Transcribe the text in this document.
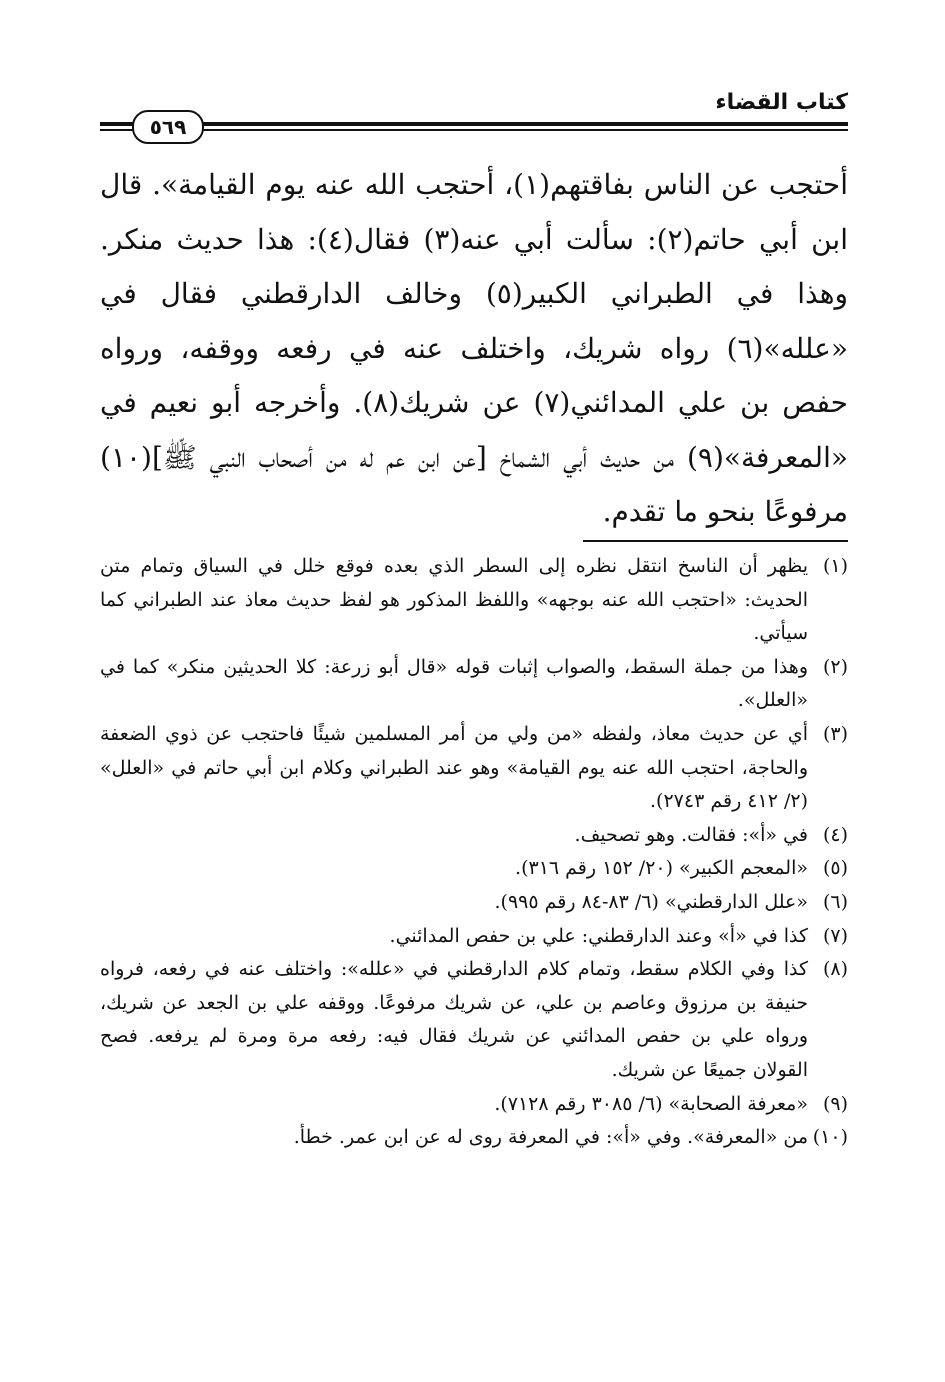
كتاب القضاء
٥٦٩

أحتجب عن الناس بفاقتهم(١)، أحتجب الله عنه يوم القيامة». قال ابن أبي حاتم(٢): سألت أبي عنه(٣) فقال(٤): هذا حديث منكر. وهذا في الطبراني الكبير(٥) وخالف الدارقطني فقال في «علله»(٦) رواه شريك، واختلف عنه في رفعه ووقفه، ورواه حفص بن علي المدائني(٧) عن شريك(٨). وأخرجه أبو نعيم في «المعرفة»(٩) من حديث أبي الشماخ [عن ابن عم له من أصحاب النبي ﷺ](١٠) مرفوعًا بنحو ما تقدم.

(١)يظهر أن الناسخ انتقل نظره إلى السطر الذي بعده فوقع خلل في السياق وتمام متن الحديث: «احتجب الله عنه بوجهه» واللفظ المذكور هو لفظ حديث معاذ عند الطبراني كما سيأتي.

(٢)وهذا من جملة السقط، والصواب إثبات قوله «قال أبو زرعة: كلا الحديثين منكر» كما في «العلل».

(٣)أي عن حديث معاذ، ولفظه «من ولي من أمر المسلمين شيئًا فاحتجب عن ذوي الضعفة والحاجة، احتجب الله عنه يوم القيامة» وهو عند الطبراني وكلام ابن أبي حاتم في «العلل» (٢/ ٤١٢ رقم ٢٧٤٣).

(٤)في «أ»: فقالت. وهو تصحيف.

(٥)«المعجم الكبير» (٢٠/ ١٥٢ رقم ٣١٦).

(٦)«علل الدارقطني» (٦/ ٨٣-٨٤ رقم ٩٩٥).

(٧)كذا في «أ» وعند الدارقطني: علي بن حفص المدائني.

(٨)كذا وفي الكلام سقط، وتمام كلام الدارقطني في «علله»: واختلف عنه في رفعه، فرواه حنيفة بن مرزوق وعاصم بن علي، عن شريك مرفوعًا. ووقفه علي بن الجعد عن شريك، ورواه علي بن حفص المدائني عن شريك فقال فيه: رفعه مرة ومرة لم يرفعه. فصح القولان جميعًا عن شريك.

(٩)«معرفة الصحابة» (٦/ ٣٠٨٥ رقم ٧١٢٨).

(١٠)من «المعرفة». وفي «أ»: في المعرفة روى له عن ابن عمر. خطأ.
